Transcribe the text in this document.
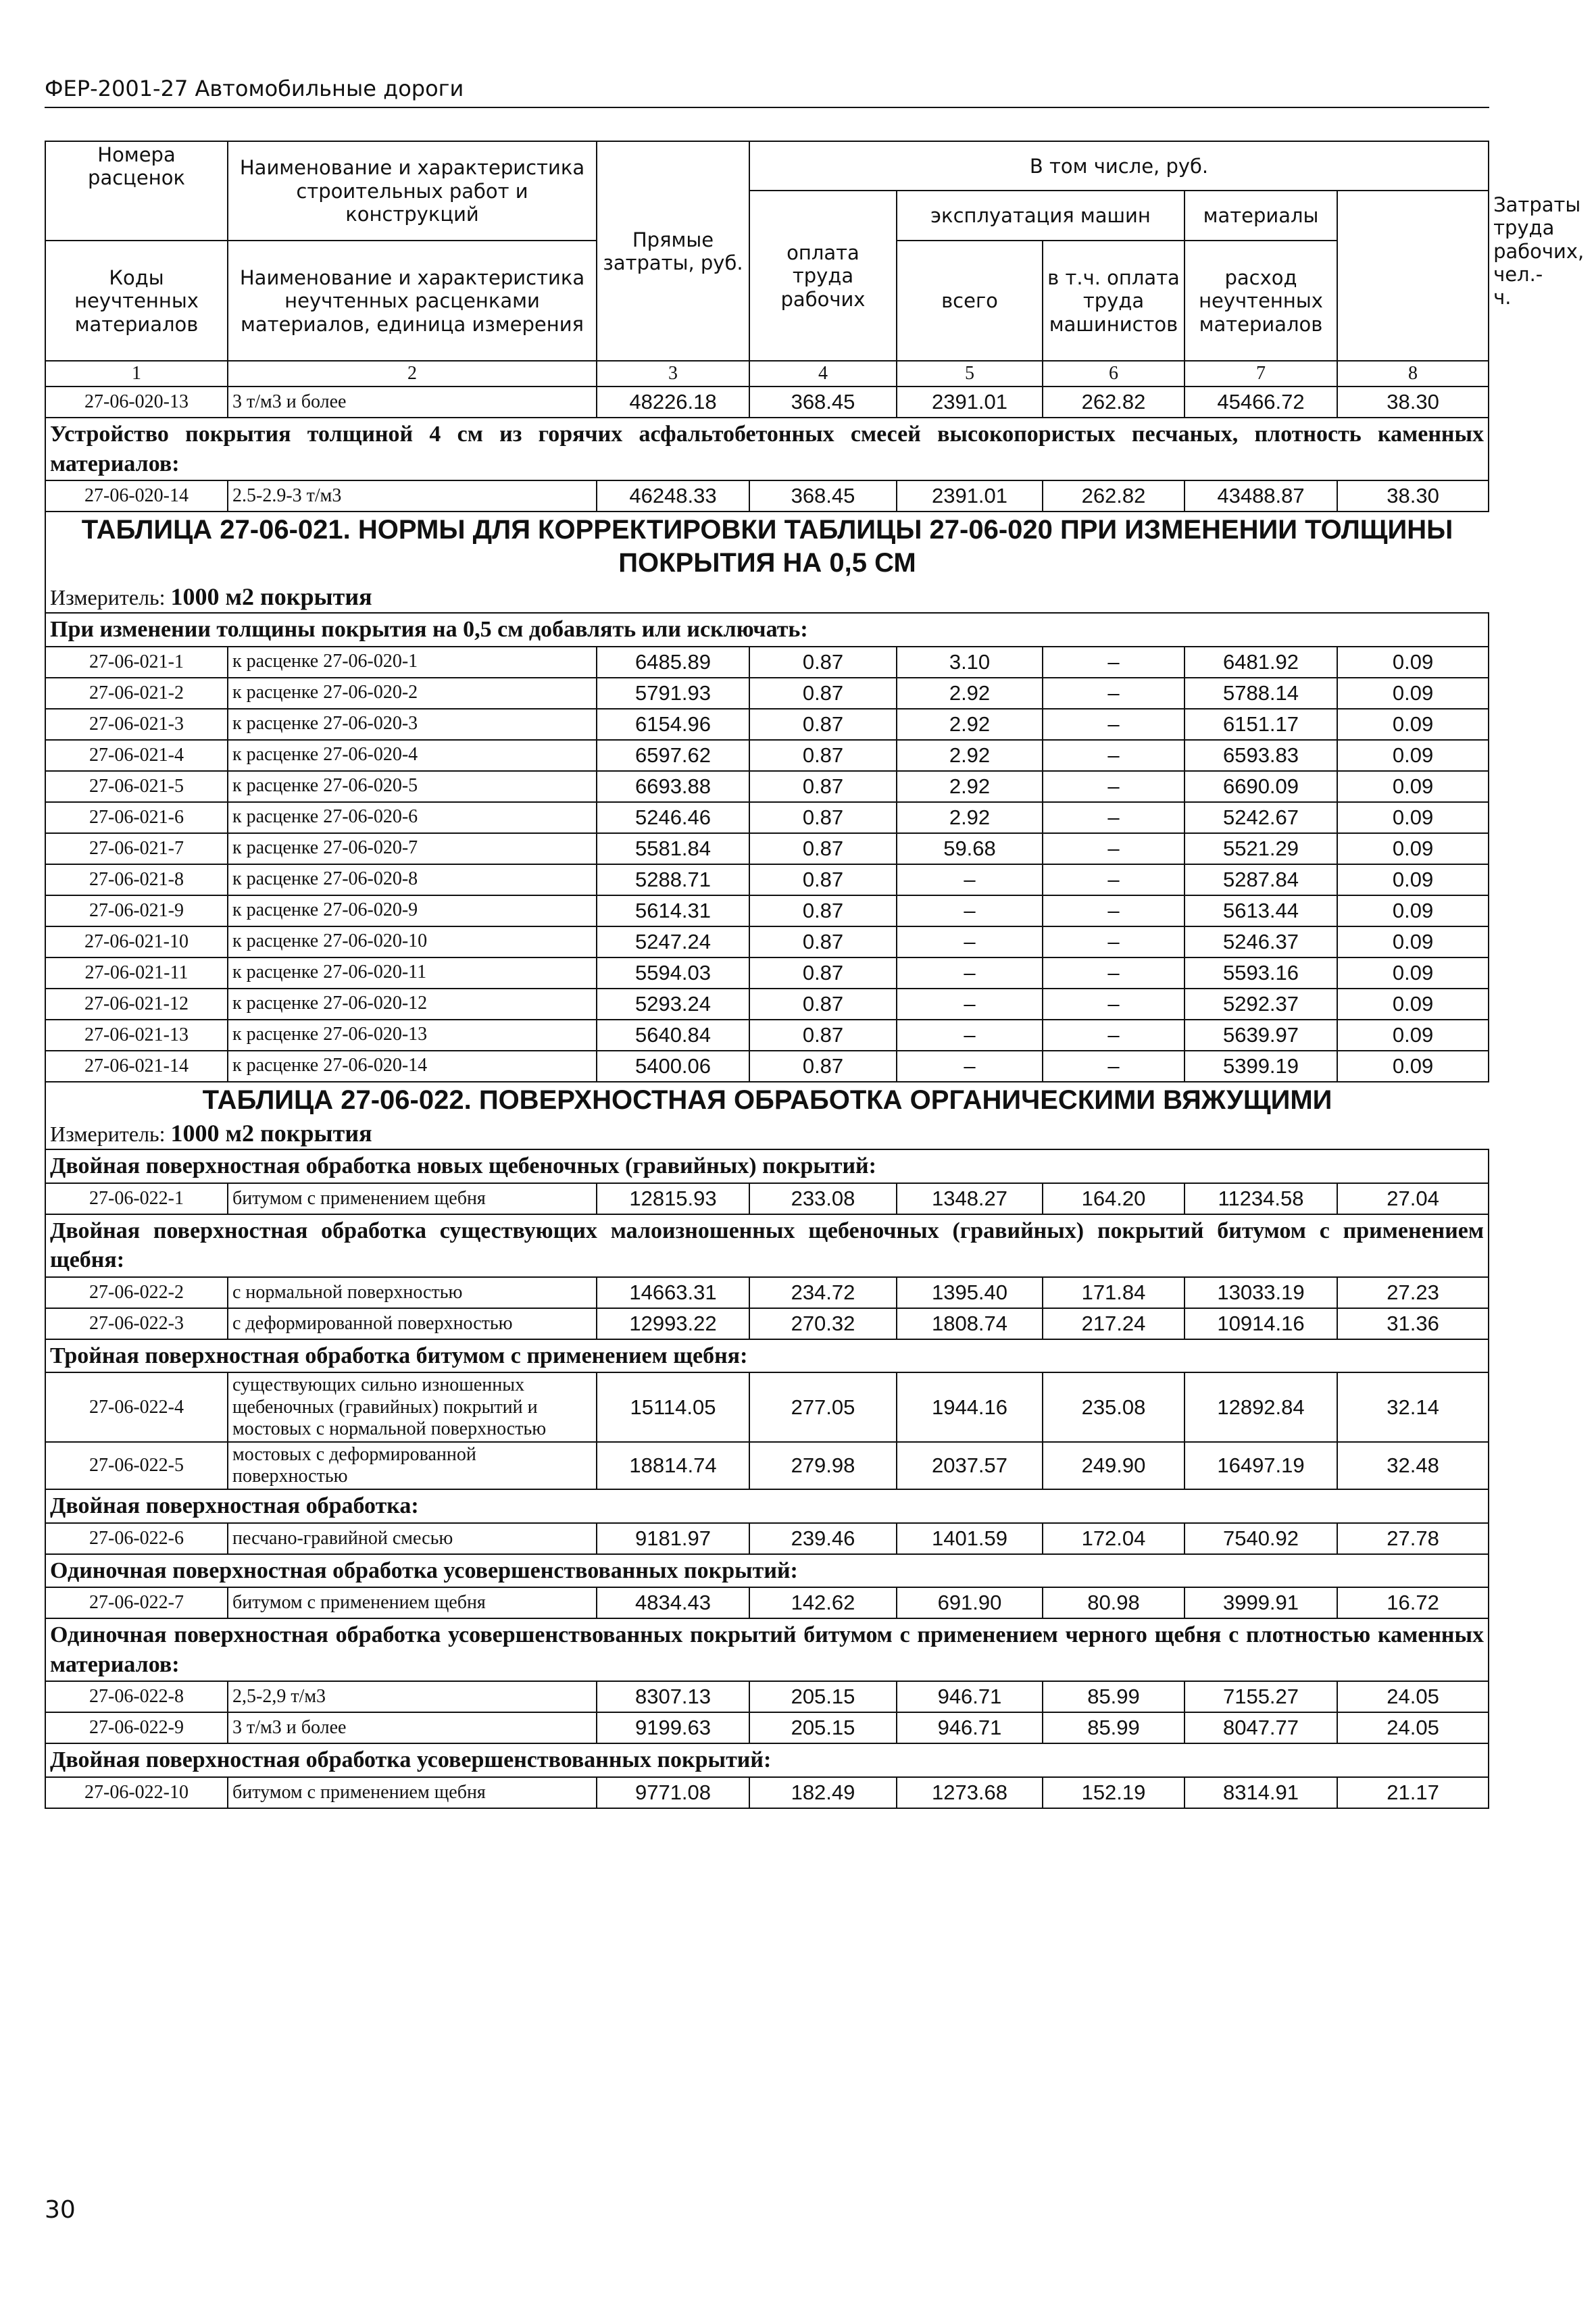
ФЕР-2001-27 Автомобильные дороги
Номера расценок	Наименование и характеристика строительных работ и конструкций	Прямые затраты, руб.	В том числе, руб.					Затраты труда рабочих, чел.-ч.
			оплата труда рабочих	эксплуатация машин		материалы		
Коды неучтенных материалов	Наименование и характеристика неучтенных расценками материалов, единица измерения			всего	в т.ч. оплата труда машинистов	расход неучтенных материалов		

1	2	3	4	5	6	7	8	
27-06-020-13	3 т/м3 и более	48226.18	368.45	2391.01	262.82	45466.72	38.30	
Устройство покрытия толщиной 4 см из горячих асфальтобетонных смесей высокопористых песчаных, плотность каменных материалов:								
27-06-020-14	2.5-2.9-3 т/м3	46248.33	368.45	2391.01	262.82	43488.87	38.30	
ТАБЛИЦА 27-06-021. НОРМЫ ДЛЯ КОРРЕКТИРОВКИ ТАБЛИЦЫ 27-06-020 ПРИ ИЗМЕНЕНИИ ТОЛЩИНЫ ПОКРЫТИЯ НА 0,5 СМ								
Измеритель: 1000 м2 покрытия								
При изменении толщины покрытия на 0,5 см добавлять или исключать:								
27-06-021-1	к расценке 27-06-020-1	6485.89	0.87	3.10	–	6481.92	0.09	
27-06-021-2	к расценке 27-06-020-2	5791.93	0.87	2.92	–	5788.14	0.09	
27-06-021-3	к расценке 27-06-020-3	6154.96	0.87	2.92	–	6151.17	0.09	
27-06-021-4	к расценке 27-06-020-4	6597.62	0.87	2.92	–	6593.83	0.09	
27-06-021-5	к расценке 27-06-020-5	6693.88	0.87	2.92	–	6690.09	0.09	
27-06-021-6	к расценке 27-06-020-6	5246.46	0.87	2.92	–	5242.67	0.09	
27-06-021-7	к расценке 27-06-020-7	5581.84	0.87	59.68	–	5521.29	0.09	
27-06-021-8	к расценке 27-06-020-8	5288.71	0.87	–	–	5287.84	0.09	
27-06-021-9	к расценке 27-06-020-9	5614.31	0.87	–	–	5613.44	0.09	
27-06-021-10	к расценке 27-06-020-10	5247.24	0.87	–	–	5246.37	0.09	
27-06-021-11	к расценке 27-06-020-11	5594.03	0.87	–	–	5593.16	0.09	
27-06-021-12	к расценке 27-06-020-12	5293.24	0.87	–	–	5292.37	0.09	
27-06-021-13	к расценке 27-06-020-13	5640.84	0.87	–	–	5639.97	0.09	
27-06-021-14	к расценке 27-06-020-14	5400.06	0.87	–	–	5399.19	0.09	
ТАБЛИЦА 27-06-022. ПОВЕРХНОСТНАЯ ОБРАБОТКА ОРГАНИЧЕСКИМИ ВЯЖУЩИМИ								
Измеритель: 1000 м2 покрытия								
Двойная поверхностная обработка новых щебеночных (гравийных) покрытий:								
27-06-022-1	битумом с применением щебня	12815.93	233.08	1348.27	164.20	11234.58	27.04	
Двойная поверхностная обработка существующих малоизношенных щебеночных (гравийных) покрытий битумом с применением щебня:								
27-06-022-2	с нормальной поверхностью	14663.31	234.72	1395.40	171.84	13033.19	27.23	
27-06-022-3	с деформированной поверхностью	12993.22	270.32	1808.74	217.24	10914.16	31.36	
Тройная поверхностная обработка битумом с применением щебня:								
27-06-022-4	существующих сильно изношенных щебеночных (гравийных) покрытий и мостовых с нормальной поверхностью	15114.05	277.05	1944.16	235.08	12892.84	32.14	
27-06-022-5	мостовых с деформированной поверхностью	18814.74	279.98	2037.57	249.90	16497.19	32.48	
Двойная поверхностная обработка:								
27-06-022-6	песчано-гравийной смесью	9181.97	239.46	1401.59	172.04	7540.92	27.78	
Одиночная поверхностная обработка усовершенствованных покрытий:								
27-06-022-7	битумом с применением щебня	4834.43	142.62	691.90	80.98	3999.91	16.72	
Одиночная поверхностная обработка усовершенствованных покрытий битумом с применением черного щебня с плотностью каменных материалов:								
27-06-022-8	2,5-2,9 т/м3	8307.13	205.15	946.71	85.99	7155.27	24.05	
27-06-022-9	3 т/м3 и более	9199.63	205.15	946.71	85.99	8047.77	24.05	
Двойная поверхностная обработка усовершенствованных покрытий:								
27-06-022-10	битумом с применением щебня	9771.08	182.49	1273.68	152.19	8314.91	21.17	
30
